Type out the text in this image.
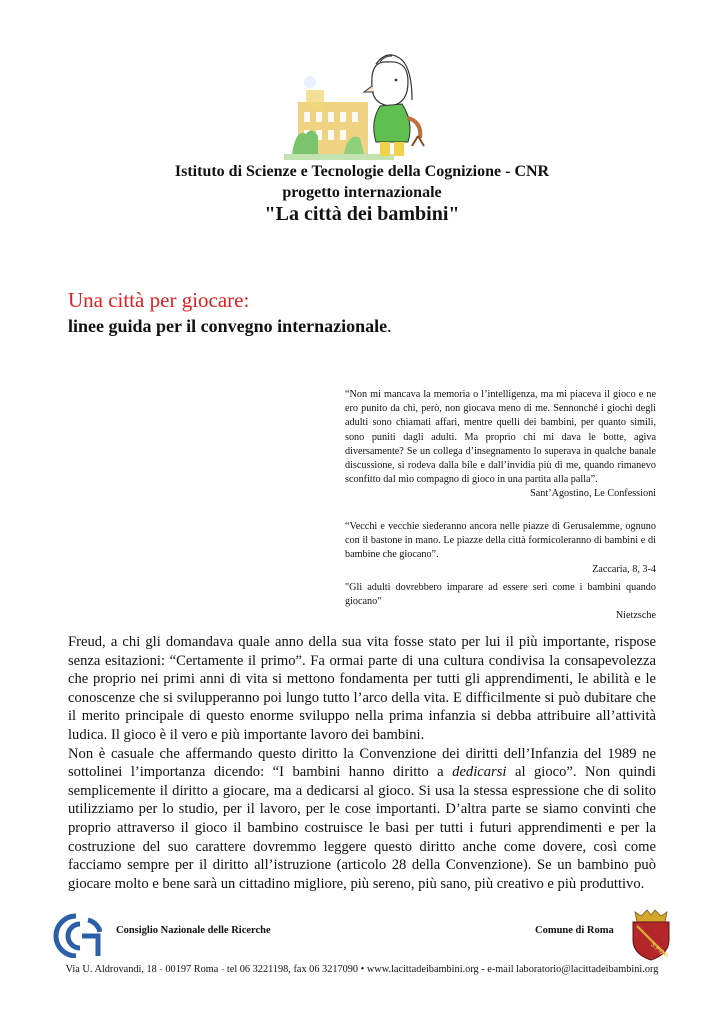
Istituto di Scienze e Tecnologie della Cognizione - CNR
progetto internazionale
"La città dei bambini"
Una città per giocare:
linee guida per il convegno internazionale.

“Non mi mancava la memoria o l’intelligenza, ma mi piaceva il gioco e ne ero punito da chi, però, non giocava meno di me. Sennonché i giochi degli adulti sono chiamati affari, mentre quelli dei bambini, per quanto simili, sono puniti dagli adulti. Ma proprio chi mi dava le botte, agiva diversamente? Se un collega d’insegnamento lo superava in qualche banale discussione, si rodeva dalla bile e dall’invidia più di me, quando rimanevo sconfitto dal mio compagno di gioco in una partita alla palla”.

Sant’Agostino, Le Confessioni

“Vecchi e vecchie siederanno ancora nelle piazze di Gerusalemme, ognuno con il bastone in mano. Le piazze della città formicoleranno di bambini e di bambine che giocano”.

Zaccaria, 8, 3-4

"Gli adulti dovrebbero imparare ad essere seri come i bambini quando giocano"

Nietzsche

Freud, a chi gli domandava quale anno della sua vita fosse stato per lui il più importante, rispose senza esitazioni: “Certamente il primo”. Fa ormai parte di una cultura condivisa la consapevolezza che proprio nei primi anni di vita si mettono fondamenta per tutti gli apprendimenti, le abilità e le conoscenze che si svilupperanno poi lungo tutto l’arco della vita. E difficilmente si può dubitare che il merito principale di questo enorme sviluppo nella prima infanzia si debba attribuire all’attività ludica. Il gioco è il vero e più importante lavoro dei bambini.

Non è casuale che affermando questo diritto la Convenzione dei diritti dell’Infanzia del 1989 ne sottolinei l’importanza dicendo: “I bambini hanno diritto a dedicarsi al gioco”. Non quindi semplicemente il diritto a giocare, ma a dedicarsi al gioco. Si usa la stessa espressione che di solito utilizziamo per lo studio, per il lavoro, per le cose importanti. D’altra parte se siamo convinti che proprio attraverso il gioco il bambino costruisce le basi per tutti i futuri apprendimenti e per la costruzione del suo carattere dovremmo leggere questo diritto anche come dovere, così come facciamo sempre per il diritto all’istruzione (articolo 28 della Convenzione). Se un bambino può giocare molto e bene sarà un cittadino migliore, più sereno, più sano, più creativo e più produttivo.

Consiglio Nazionale delle Ricerche	Comune di Roma
S.P.Q.R
Via U. Aldrovandi, 18 - 00197 Roma - tel 06 3221198, fax 06 3217090 • www.lacittadeibambini.org - e-mail laboratorio@lacittadeibambini.org
